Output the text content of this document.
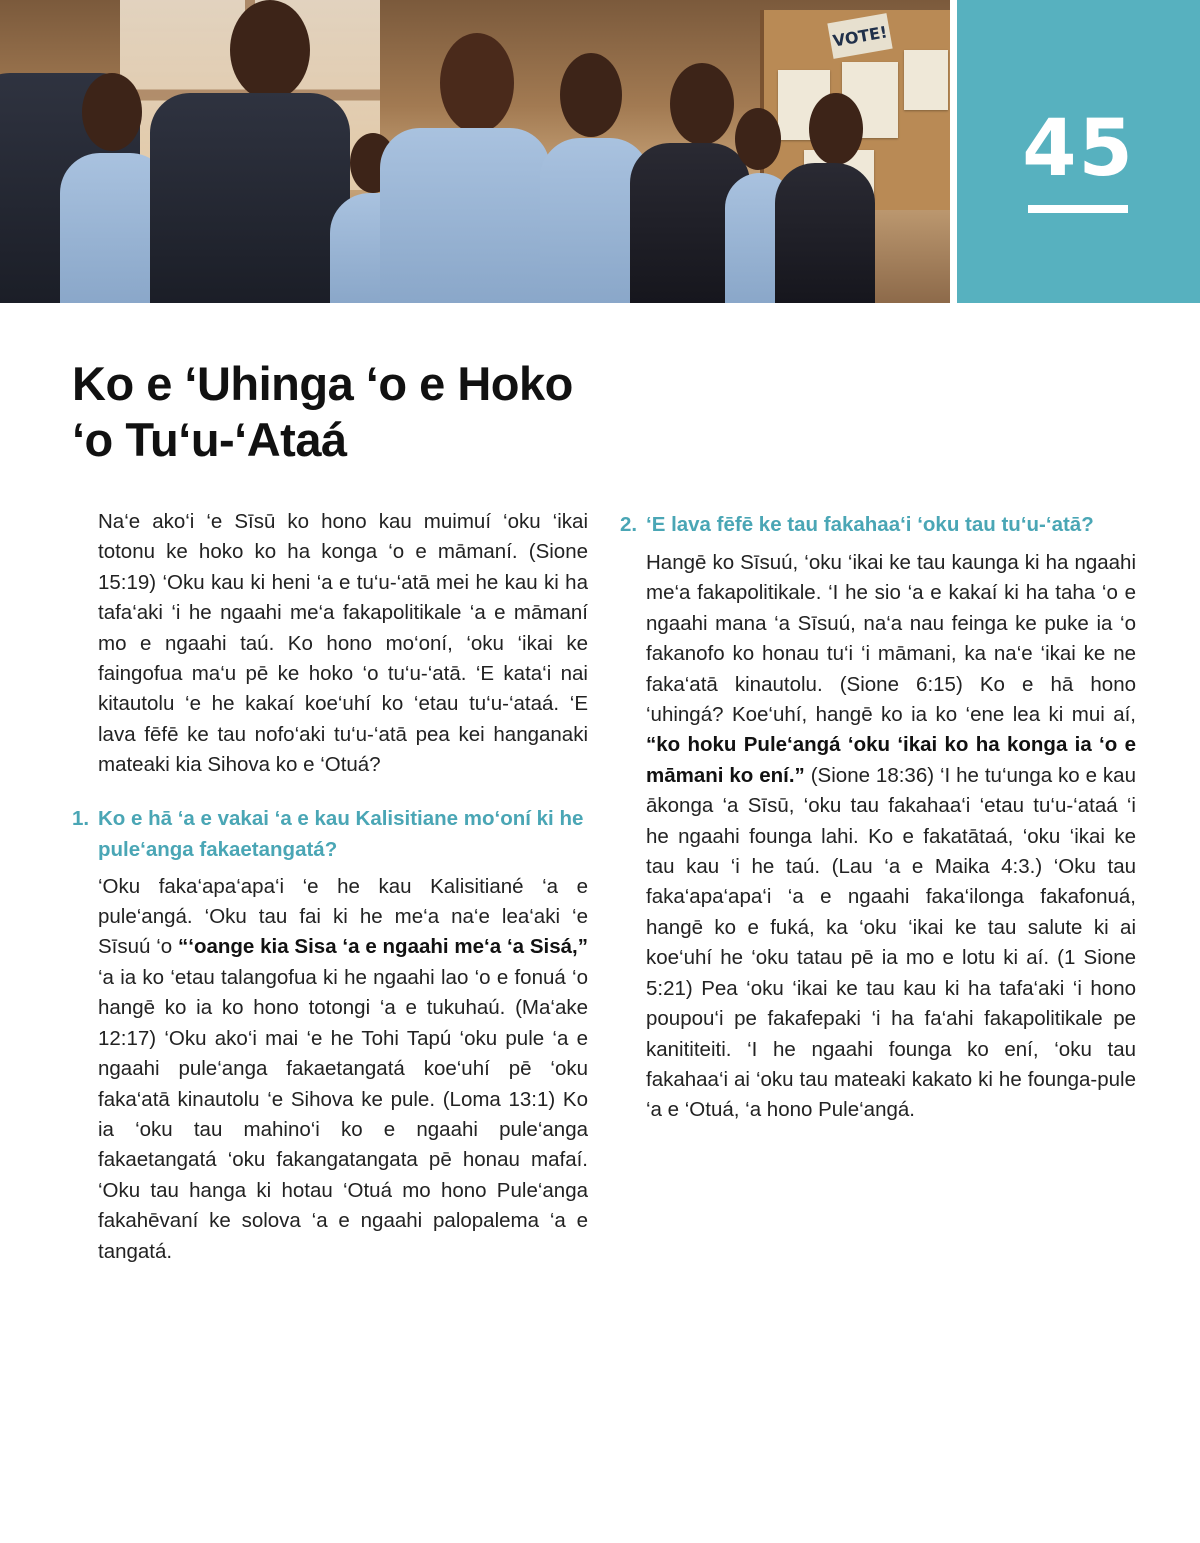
VOTE!
45
Ko e ‘Uhinga ‘o e Hoko
‘o Tu‘u-‘Ataá

Na‘e ako‘i ‘e Sīsū ko hono kau muimuí ‘oku ‘ikai totonu ke hoko ko ha konga ‘o e māmaní. (Sione 15:19) ‘Oku kau ki heni ‘a e tu‘u-‘atā mei he kau ki ha tafa‘aki ‘i he ngaahi me‘a fakapolitikale ‘a e māmaní mo e ngaahi taú. Ko hono mo‘oní, ‘oku ‘ikai ke faingofua ma‘u pē ke hoko ‘o tu‘u-‘atā. ‘E kata‘i nai kitautolu ‘e he kakaí koe‘uhí ko ‘etau tu‘u-‘ataá. ‘E lava fēfē ke tau nofo‘aki tu‘u-‘atā pea kei hanganaki mateaki kia Sihova ko e ‘Otuá?

1. Ko e hā ‘a e vakai ‘a e kau Kalisitiane mo‘oní ki he pule‘anga fakaetangatá?

‘Oku faka‘apa‘apa‘i ‘e he kau Kalisitiané ‘a e pule‘angá. ‘Oku tau fai ki he me‘a na‘e lea‘aki ‘e Sīsuú ‘o “‘oange kia Sisa ‘a e ngaahi me‘a ‘a Sisá,” ‘a ia ko ‘etau talangofua ki he ngaahi lao ‘o e fonuá ‘o hangē ko ia ko hono totongi ‘a e tukuhaú. (Ma‘ake 12:17) ‘Oku ako‘i mai ‘e he Tohi Tapú ‘oku pule ‘a e ngaahi pule‘anga fakaetangatá koe‘uhí pē ‘oku faka‘atā kinautolu ‘e Sihova ke pule. (Loma 13:1) Ko ia ‘oku tau mahino‘i ko e ngaahi pule‘anga fakaetangatá ‘oku fakangatangata pē honau mafaí. ‘Oku tau hanga ki hotau ‘Otuá mo hono Pule‘anga fakahēvaní ke solova ‘a e ngaahi palopalema ‘a e tangatá.

2. ‘E lava fēfē ke tau fakahaa‘i ‘oku tau tu‘u-‘atā?

Hangē ko Sīsuú, ‘oku ‘ikai ke tau kaunga ki ha ngaahi me‘a fakapolitikale. ‘I he sio ‘a e kakaí ki ha taha ‘o e ngaahi mana ‘a Sīsuú, na‘a nau feinga ke puke ia ‘o fakanofo ko honau tu‘i ‘i māmani, ka na‘e ‘ikai ke ne faka‘atā kinautolu. (Sione 6:15) Ko e hā hono ‘uhingá? Koe‘uhí, hangē ko ia ko ‘ene lea ki mui aí, “ko hoku Pule‘angá ‘oku ‘ikai ko ha konga ia ‘o e māmani ko ení.” (Sione 18:36) ‘I he tu‘unga ko e kau ākonga ‘a Sīsū, ‘oku tau fakahaa‘i ‘etau tu‘u-‘ataá ‘i he ngaahi founga lahi. Ko e fakatātaá, ‘oku ‘ikai ke tau kau ‘i he taú. (Lau ‘a e Maika 4:3.) ‘Oku tau faka‘apa‘apa‘i ‘a e ngaahi faka‘ilonga fakafonuá, hangē ko e fuká, ka ‘oku ‘ikai ke tau salute ki ai koe‘uhí he ‘oku tatau pē ia mo e lotu ki aí. (1 Sione 5:21) Pea ‘oku ‘ikai ke tau kau ki ha tafa‘aki ‘i hono poupou‘i pe fakafepaki ‘i ha fa‘ahi fakapolitikale pe kanititeiti. ‘I he ngaahi founga ko ení, ‘oku tau fakahaa‘i ai ‘oku tau mateaki kakato ki he founga-pule ‘a e ‘Otuá, ‘a hono Pule‘angá.
